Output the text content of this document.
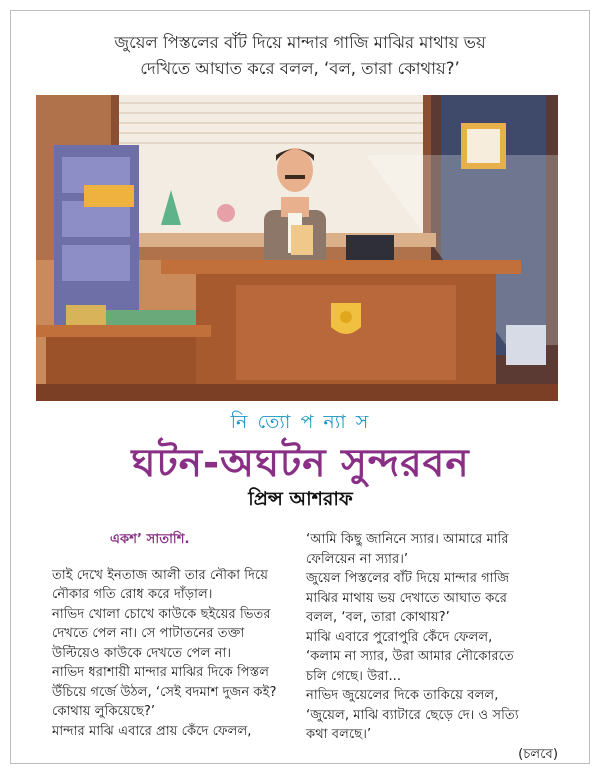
জুয়েল পিস্তলের বাঁট দিয়ে মান্দার গাজি মাঝির মাথায় ভয়
দেখিতে আঘাত করে বলল, ‘বল, তারা কোথায়?’
নি ত্যো প ন্যা স
ঘটন-অঘটন সুন্দরবন
প্রিন্স আশরাফ

একশ’ সাতাশি.

তাই দেখে ইনতাজ আলী তার নৌকা দিয়ে

নৌকার গতি রোধ করে দাঁড়াল।

নাভিদ খোলা চোখে কাউকে ছইয়ের ভিতর

দেখতে পেল না। সে পাটাতনের তক্তা

উল্টিয়েও কাউকে দেখতে পেল না।

নাভিদ ধরাশায়ী মান্দার মাঝির দিকে পিস্তল

উঁচিয়ে গর্জে উঠল, ‘সেই বদমাশ দুজন কই?

কোথায় লুকিয়েছে?’

মান্দার মাঝি এবারে প্রায় কেঁদে ফেলল,

‘আমি কিছু জানিনে স্যার। আমারে মারি

ফেলিয়েন না স্যার।’

জুয়েল পিস্তলের বাঁট দিয়ে মান্দার গাজি

মাঝির মাথায় ভয় দেখাতে আঘাত করে

বলল, ‘বল, তারা কোথায়?’

মাঝি এবারে পুরোপুরি কেঁদে ফেলল,

‘কলাম না স্যার, উরা আমার নৌকোরতে

চলি গেছে। উরা...

নাভিদ জুয়েলের দিকে তাকিয়ে বলল,

‘জুয়েল, মাঝি ব্যাটারে ছেড়ে দে। ও সত্যি

কথা বলছে।’

(চলবে)
